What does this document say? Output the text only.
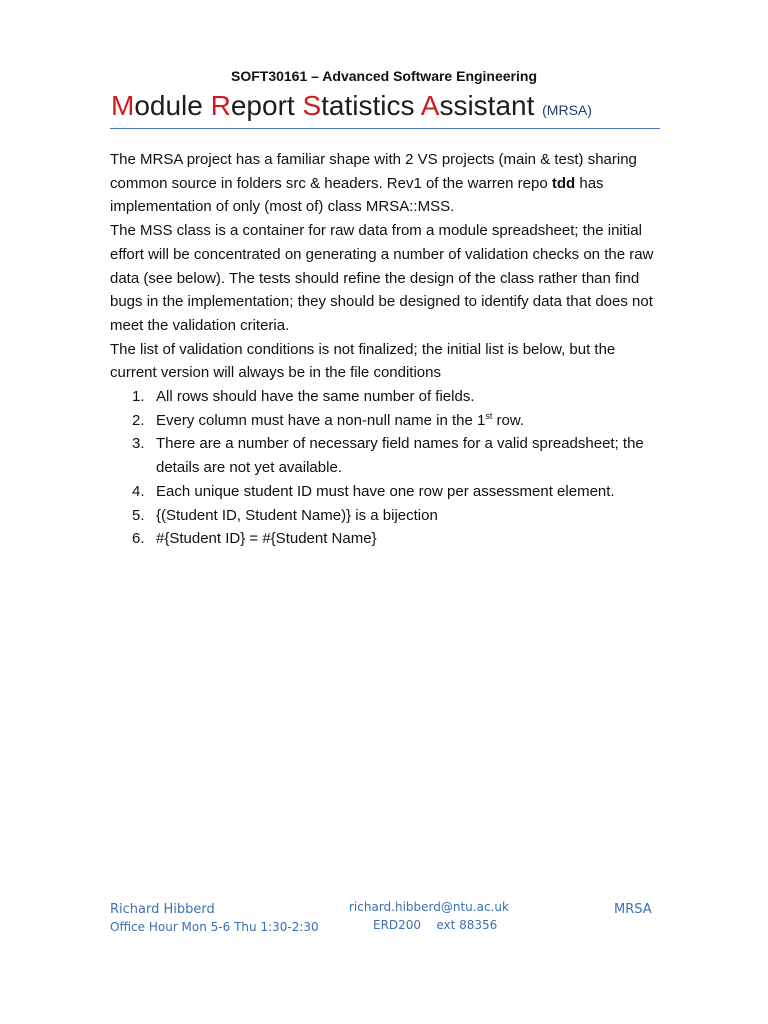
SOFT30161 – Advanced Software Engineering
Module Report Statistics Assistant (MRSA)

The MRSA project has a familiar shape with 2 VS projects (main & test) sharing common source in folders src & headers. Rev1 of the warren repo tdd has implementation of only (most of) class MRSA::MSS.

The MSS class is a container for raw data from a module spreadsheet; the initial effort will be concentrated on generating a number of validation checks on the raw data (see below). The tests should refine the design of the class rather than find bugs in the implementation; they should be designed to identify data that does not meet the validation criteria.

The list of validation conditions is not finalized; the initial list is below, but the current version will always be in the file conditions

1. All rows should have the same number of fields.
2. Every column must have a non-null name in the 1st row.
3. There are a number of necessary field names for a valid spreadsheet; the details are not yet available.
4. Each unique student ID must have one row per assessment element.
5. {(Student ID, Student Name)} is a bijection
6. #{Student ID} = #{Student Name}
Richard Hibberd
Office Hour Mon 5-6 Thu 1:30-2:30
richard.hibberd@ntu.ac.uk
ERD200    ext 88356
MRSA
